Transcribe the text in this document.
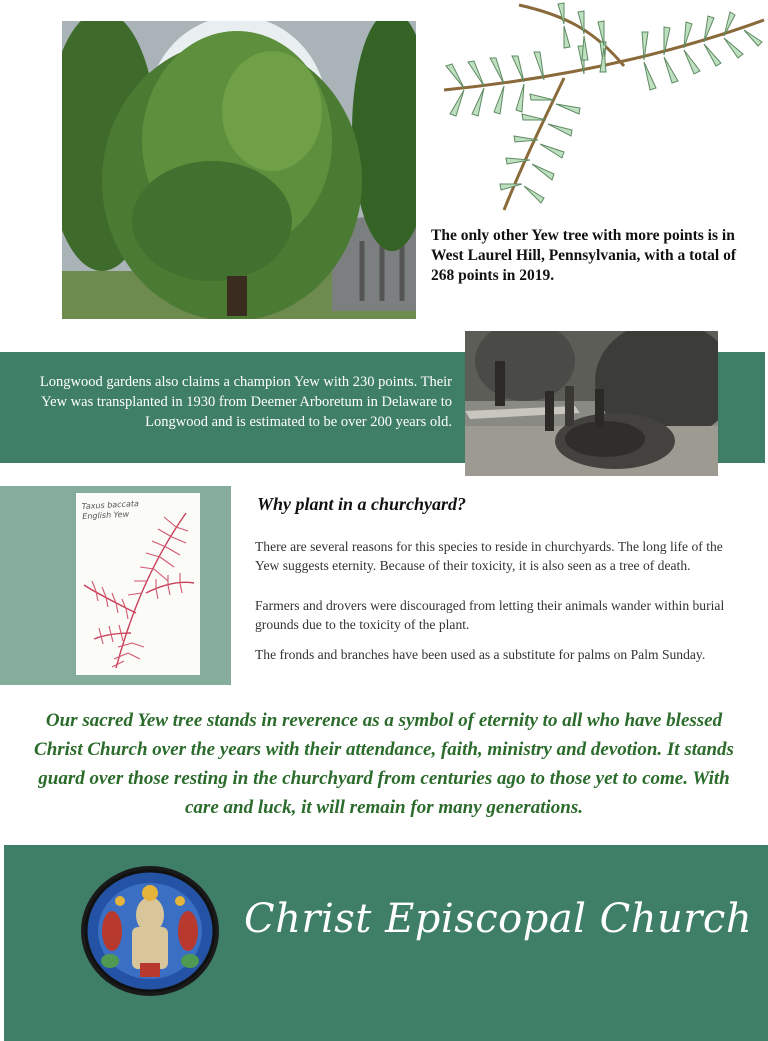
The only other Yew tree with more points is in West Laurel Hill, Pennsylvania, with a total of 268 points in 2019.
Longwood gardens also claims a champion Yew with 230 points. Their Yew was transplanted in 1930 from Deemer Arboretum in Delaware to Longwood and is estimated to be over 200 years old.
Taxus baccata English Yew
Why plant in a churchyard?
There are several reasons for this species to reside in churchyards. The long life of the Yew suggests eternity. Because of their toxicity, it is also seen as a tree of death.
Farmers and drovers were discouraged from letting their animals wander within burial grounds due to the toxicity of the plant.
The fronds and branches have been used as a substitute for palms on Palm Sunday.
Our sacred Yew tree stands in reverence as a symbol of eternity to all who have blessed Christ Church over the years with their attendance, faith, ministry and devotion. It stands guard over those resting in the churchyard from centuries ago to those yet to come. With care and luck, it will remain for many generations.
Christ Episcopal Church
